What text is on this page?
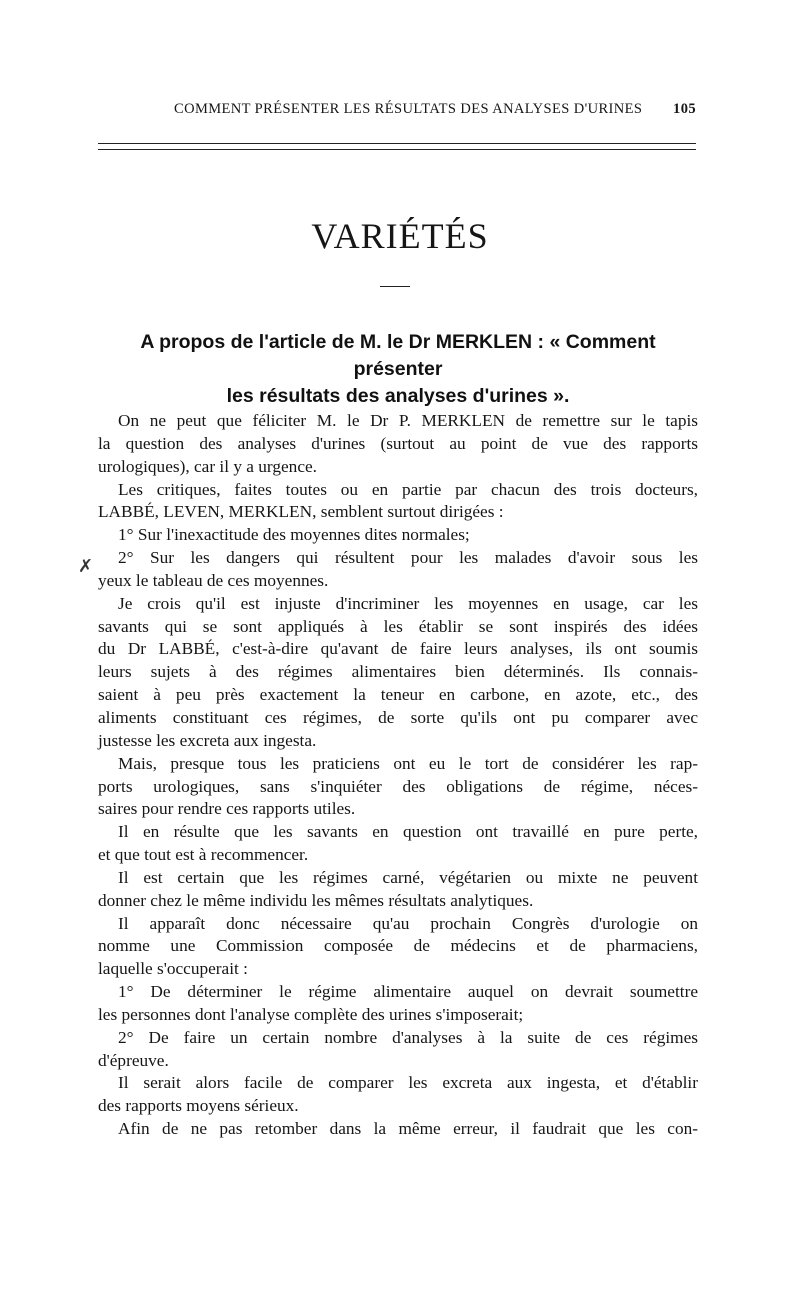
COMMENT PRÉSENTER LES RÉSULTATS DES ANALYSES D'URINES 105
VARIÉTÉS
A propos de l'article de M. le Dr MERKLEN : « Comment présenter
les résultats des analyses d'urines ».
✗
On ne peut que féliciter M. le Dr P. MERKLEN de remettre sur le tapis
la question des analyses d'urines (surtout au point de vue des rapports
urologiques), car il y a urgence.
Les critiques, faites toutes ou en partie par chacun des trois docteurs,
LABBÉ, LEVEN, MERKLEN, semblent surtout dirigées :
1° Sur l'inexactitude des moyennes dites normales;
2° Sur les dangers qui résultent pour les malades d'avoir sous les
yeux le tableau de ces moyennes.
Je crois qu'il est injuste d'incriminer les moyennes en usage, car les
savants qui se sont appliqués à les établir se sont inspirés des idées
du Dr LABBÉ, c'est-à-dire qu'avant de faire leurs analyses, ils ont soumis
leurs sujets à des régimes alimentaires bien déterminés. Ils connais-
saient à peu près exactement la teneur en carbone, en azote, etc., des
aliments constituant ces régimes, de sorte qu'ils ont pu comparer avec
justesse les excreta aux ingesta.
Mais, presque tous les praticiens ont eu le tort de considérer les rap-
ports urologiques, sans s'inquiéter des obligations de régime, néces-
saires pour rendre ces rapports utiles.
Il en résulte que les savants en question ont travaillé en pure perte,
et que tout est à recommencer.
Il est certain que les régimes carné, végétarien ou mixte ne peuvent
donner chez le même individu les mêmes résultats analytiques.
Il apparaît donc nécessaire qu'au prochain Congrès d'urologie on
nomme une Commission composée de médecins et de pharmaciens,
laquelle s'occuperait :
1° De déterminer le régime alimentaire auquel on devrait soumettre
les personnes dont l'analyse complète des urines s'imposerait;
2° De faire un certain nombre d'analyses à la suite de ces régimes
d'épreuve.
Il serait alors facile de comparer les excreta aux ingesta, et d'établir
des rapports moyens sérieux.
Afin de ne pas retomber dans la même erreur, il faudrait que les con-
